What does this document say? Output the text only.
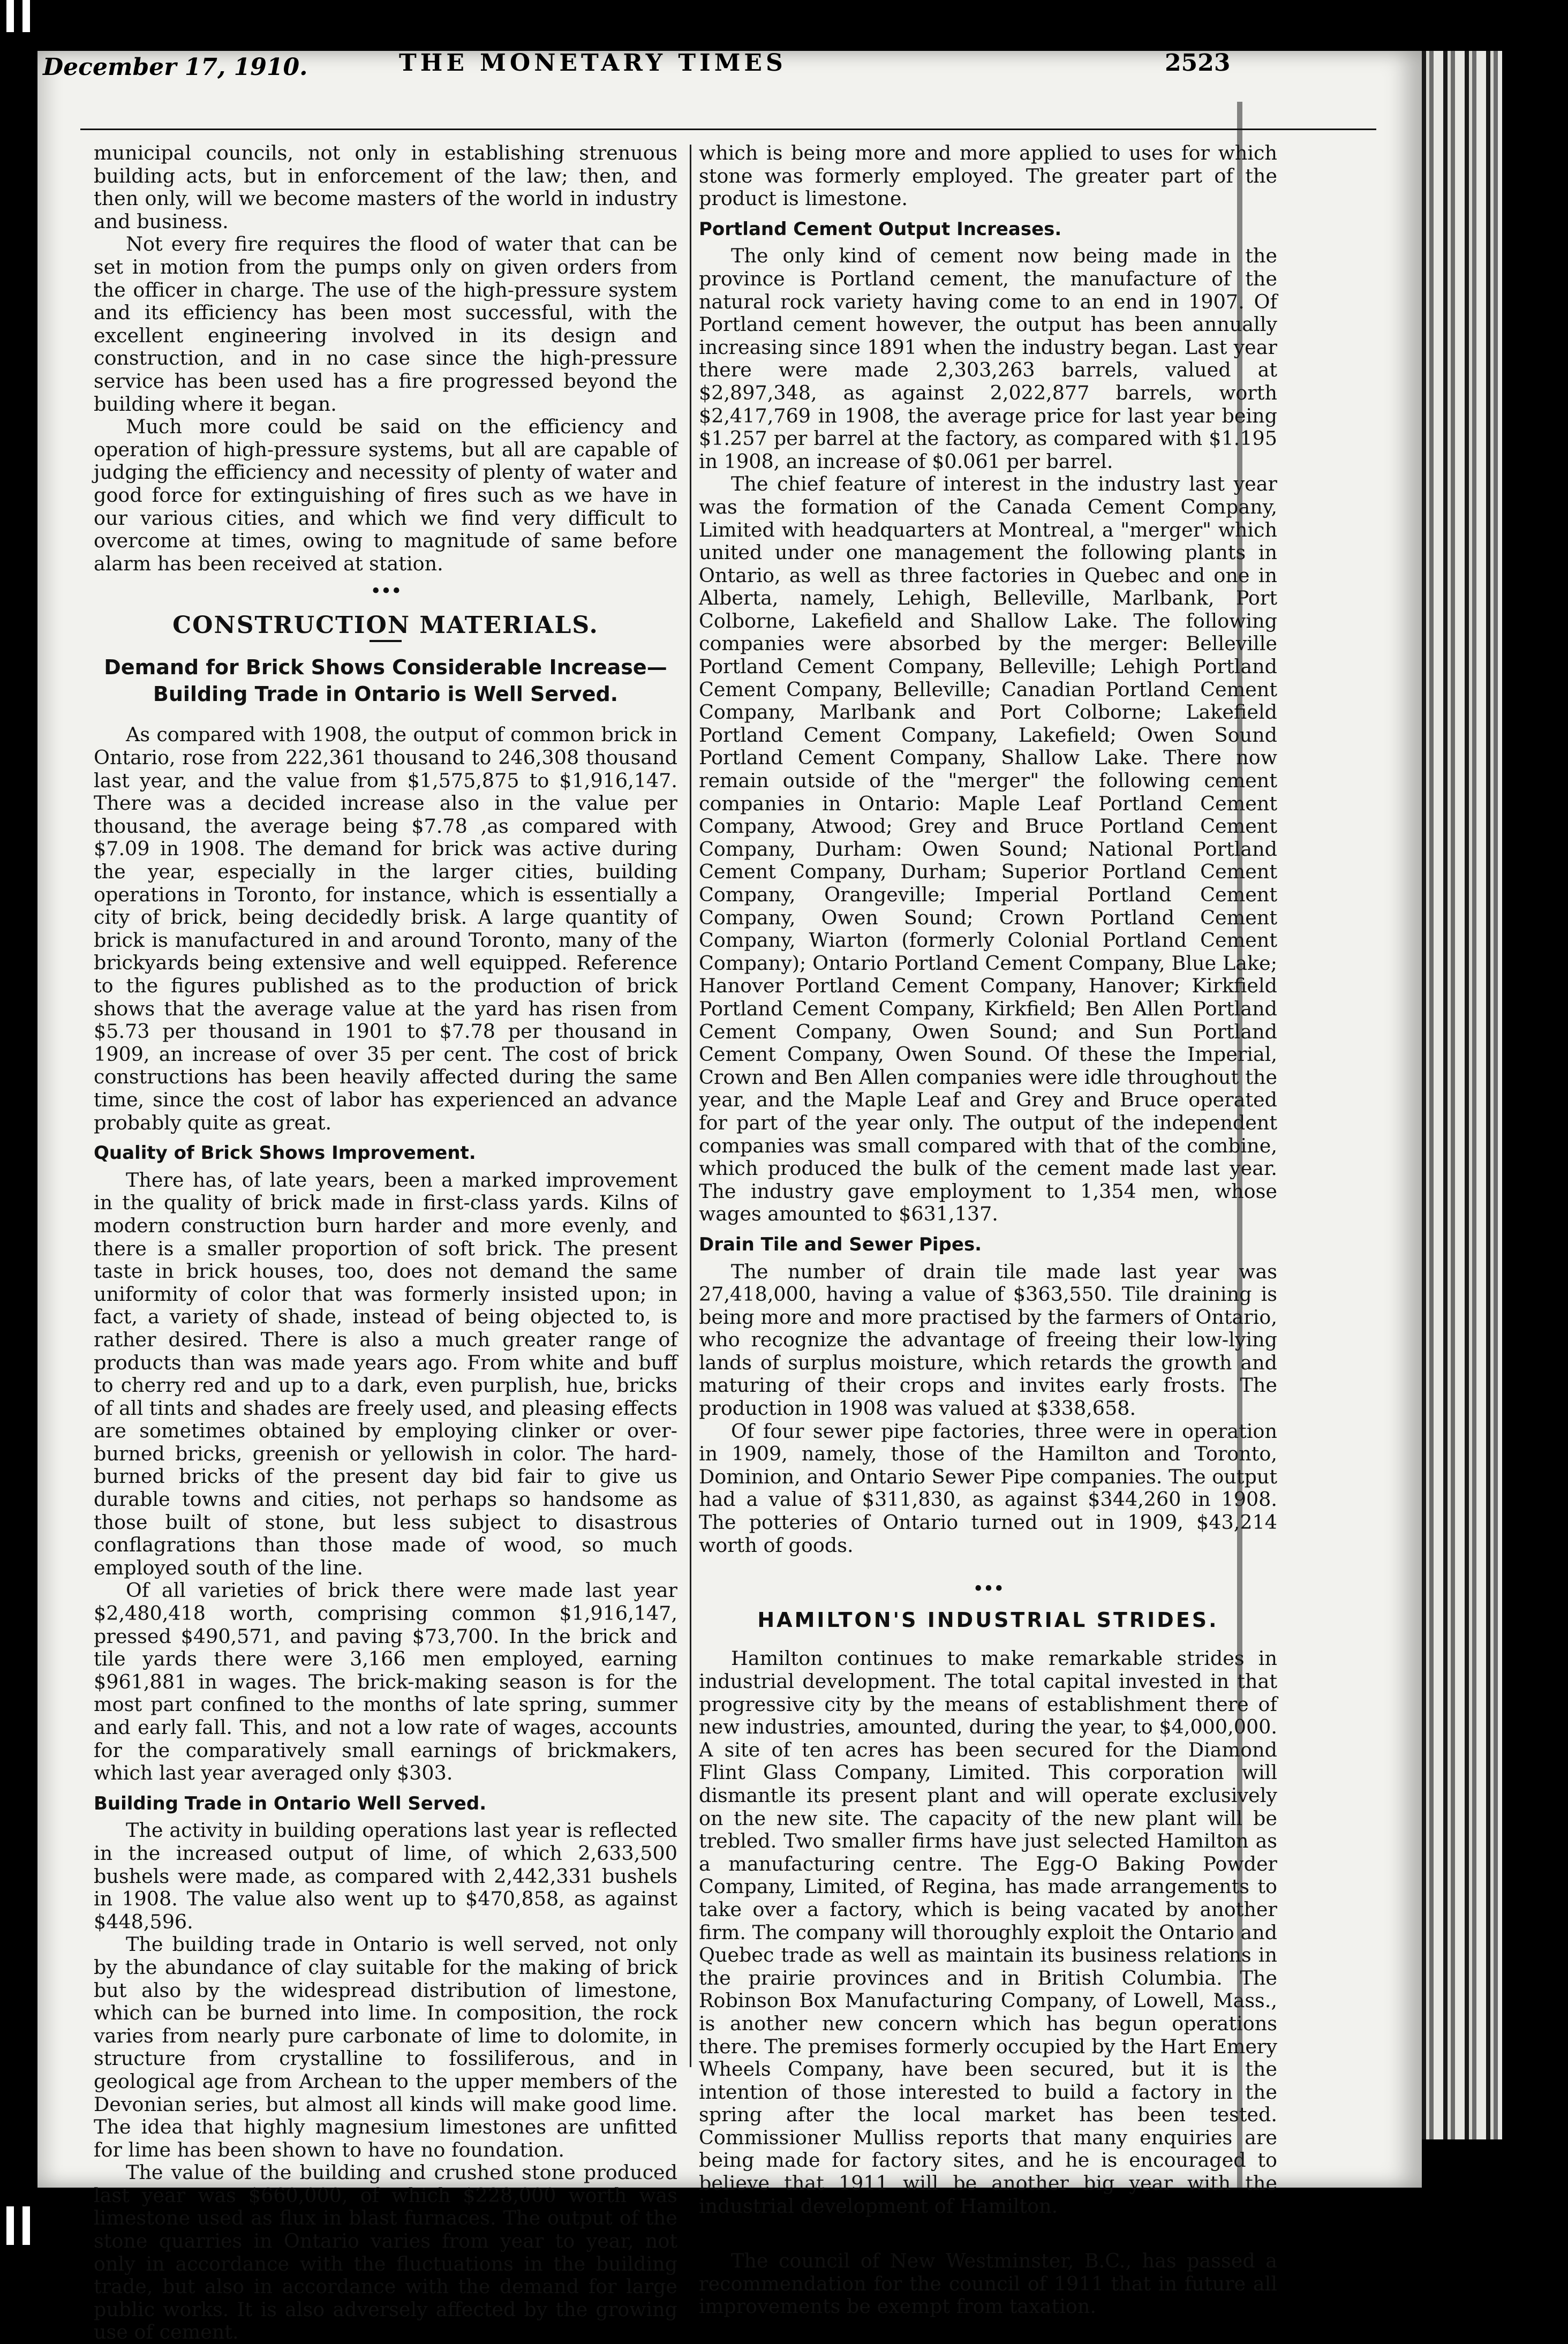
December 17, 1910.	THE MONETARY TIMES	2523

municipal councils, not only in establishing strenuous building acts, but in enforcement of the law; then, and then only, will we become masters of the world in industry and business.

Not every fire requires the flood of water that can be set in motion from the pumps only on given orders from the officer in charge. The use of the high-pressure system and its efficiency has been most successful, with the excellent engineering involved in its design and construction, and in no case since the high-pressure service has been used has a fire progressed beyond the building where it began.

Much more could be said on the efficiency and operation of high-pressure systems, but all are capable of judging the efficiency and necessity of plenty of water and good force for extinguishing of fires such as we have in our various cities, and which we find very difficult to overcome at times, owing to magnitude of same before alarm has been received at station.

•••
CONSTRUCTION MATERIALS.
Demand for Brick Shows Considerable Increase— Building Trade in Ontario is Well Served.

As compared with 1908, the output of common brick in Ontario, rose from 222,361 thousand to 246,308 thousand last year, and the value from $1,575,875 to $1,916,147. There was a decided increase also in the value per thousand, the average being $7.78 ,as compared with $7.09 in 1908. The demand for brick was active during the year, especially in the larger cities, building operations in Toronto, for instance, which is essentially a city of brick, being decidedly brisk. A large quantity of brick is manufactured in and around Toronto, many of the brickyards being extensive and well equipped. Reference to the figures published as to the production of brick shows that the average value at the yard has risen from $5.73 per thousand in 1901 to $7.78 per thousand in 1909, an increase of over 35 per cent. The cost of brick constructions has been heavily affected during the same time, since the cost of labor has experienced an advance probably quite as great.

Quality of Brick Shows Improvement.

There has, of late years, been a marked improvement in the quality of brick made in first-class yards. Kilns of modern construction burn harder and more evenly, and there is a smaller proportion of soft brick. The present taste in brick houses, too, does not demand the same uniformity of color that was formerly insisted upon; in fact, a variety of shade, instead of being objected to, is rather desired. There is also a much greater range of products than was made years ago. From white and buff to cherry red and up to a dark, even purplish, hue, bricks of all tints and shades are freely used, and pleasing effects are sometimes obtained by employing clinker or over-burned bricks, greenish or yellowish in color. The hard-burned bricks of the present day bid fair to give us durable towns and cities, not perhaps so handsome as those built of stone, but less subject to disastrous conflagrations than those made of wood, so much employed south of the line.

Of all varieties of brick there were made last year $2,480,418 worth, comprising common $1,916,147, pressed $490,571, and paving $73,700. In the brick and tile yards there were 3,166 men employed, earning $961,881 in wages. The brick-making season is for the most part confined to the months of late spring, summer and early fall. This, and not a low rate of wages, accounts for the comparatively small earnings of brickmakers, which last year averaged only $303.

Building Trade in Ontario Well Served.

The activity in building operations last year is reflected in the increased output of lime, of which 2,633,500 bushels were made, as compared with 2,442,331 bushels in 1908. The value also went up to $470,858, as against $448,596.

The building trade in Ontario is well served, not only by the abundance of clay suitable for the making of brick but also by the widespread distribution of limestone, which can be burned into lime. In composition, the rock varies from nearly pure carbonate of lime to dolomite, in structure from crystalline to fossiliferous, and in geological age from Archean to the upper members of the Devonian series, but almost all kinds will make good lime. The idea that highly magnesium limestones are unfitted for lime has been shown to have no foundation.

The value of the building and crushed stone produced last year was $660,000, of which $228,000 worth was limestone used as flux in blast furnaces. The output of the stone quarries in Ontario varies from year to year, not only in accordance with the fluctuations in the building trade, but also in accordance with the demand for large public works. It is also adversely affected by the growing use of cement.

which is being more and more applied to uses for which stone was formerly employed. The greater part of the product is limestone.

Portland Cement Output Increases.

The only kind of cement now being made in the province is Portland cement, the manufacture of the natural rock variety having come to an end in 1907. Of Portland cement however, the output has been annually increasing since 1891 when the industry began. Last year there were made 2,303,263 barrels, valued at $2,897,348, as against 2,022,877 barrels, worth $2,417,769 in 1908, the average price for last year being $1.257 per barrel at the factory, as compared with $1.195 in 1908, an increase of $0.061 per barrel.

The chief feature of interest in the industry last year was the formation of the Canada Cement Company, Limited with headquarters at Montreal, a "merger" which united under one management the following plants in Ontario, as well as three factories in Quebec and one in Alberta, namely, Lehigh, Belleville, Marlbank, Port Colborne, Lakefield and Shallow Lake. The following companies were absorbed by the merger: Belleville Portland Cement Company, Belleville; Lehigh Portland Cement Company, Belleville; Canadian Portland Cement Company, Marlbank and Port Colborne; Lakefield Portland Cement Company, Lakefield; Owen Sound Portland Cement Company, Shallow Lake. There now remain outside of the "merger" the following cement companies in Ontario: Maple Leaf Portland Cement Company, Atwood; Grey and Bruce Portland Cement Company, Durham: Owen Sound; National Portland Cement Company, Durham; Superior Portland Cement Company, Orangeville; Imperial Portland Cement Company, Owen Sound; Crown Portland Cement Company, Wiarton (formerly Colonial Portland Cement Company); Ontario Portland Cement Company, Blue Lake; Hanover Portland Cement Company, Hanover; Kirkfield Portland Cement Company, Kirkfield; Ben Allen Portland Cement Company, Owen Sound; and Sun Portland Cement Company, Owen Sound. Of these the Imperial, Crown and Ben Allen companies were idle throughout the year, and the Maple Leaf and Grey and Bruce operated for part of the year only. The output of the independent companies was small compared with that of the combine, which produced the bulk of the cement made last year. The industry gave employment to 1,354 men, whose wages amounted to $631,137.

Drain Tile and Sewer Pipes.

The number of drain tile made last year was 27,418,000, having a value of $363,550. Tile draining is being more and more practised by the farmers of Ontario, who recognize the advantage of freeing their low-lying lands of surplus moisture, which retards the growth and maturing of their crops and invites early frosts. The production in 1908 was valued at $338,658.

Of four sewer pipe factories, three were in operation in 1909, namely, those of the Hamilton and Toronto, Dominion, and Ontario Sewer Pipe companies. The output had a value of $311,830, as against $344,260 in 1908. The potteries of Ontario turned out in 1909, $43,214 worth of goods.

•••
HAMILTON'S INDUSTRIAL STRIDES.

Hamilton continues to make remarkable strides in industrial development. The total capital invested in that progressive city by the means of establishment there of new industries, amounted, during the year, to $4,000,000. A site of ten acres has been secured for the Diamond Flint Glass Company, Limited. This corporation will dismantle its present plant and will operate exclusively on the new site. The capacity of the new plant will be trebled. Two smaller firms have just selected Hamilton as a manufacturing centre. The Egg-O Baking Powder Company, Limited, of Regina, has made arrangements to take over a factory, which is being vacated by another firm. The company will thoroughly exploit the Ontario and Quebec trade as well as maintain its business relations in the prairie provinces and in British Columbia. The Robinson Box Manufacturing Company, of Lowell, Mass., is another new concern which has begun operations there. The premises formerly occupied by the Hart Emery Wheels Company, have been secured, but it is the intention of those interested to build a factory in the spring after the local market has been tested. Commissioner Mulliss reports that many enquiries are being made for factory sites, and he is encouraged to believe that 1911 will be another big year with the industrial development of Hamilton.

The council of New Westminster, B.C., has passed a recommendation for the council of 1911 that in future all improvements be exempt from taxation.
